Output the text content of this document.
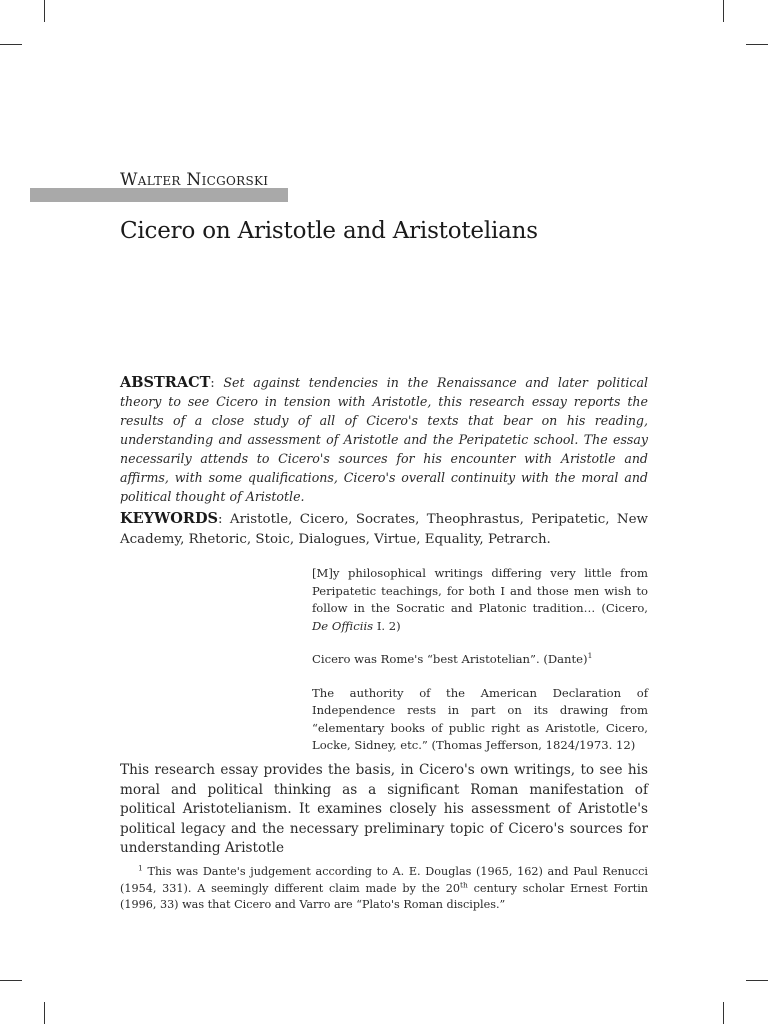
Walter Nicgorski
Cicero on Aristotle and Aristotelians

ABSTRACT: Set against tendencies in the Renaissance and later political theory to see Cicero in tension with Aristotle, this research essay reports the results of a close study of all of Cicero's texts that bear on his reading, understanding and assessment of Aristotle and the Peripatetic school. The essay necessarily attends to Cicero's sources for his encounter with Aristotle and affirms, with some qualifications, Cicero's overall continuity with the moral and political thought of Aristotle.

KEYWORDS: Aristotle, Cicero, Socrates, Theophrastus, Peripatetic, New Academy, Rhetoric, Stoic, Dialogues, Virtue, Equality, Petrarch.

[M]y philosophical writings differing very little from Peripatetic teachings, for both I and those men wish to follow in the Socratic and Platonic tradition… (Cicero, De Officiis I. 2)

Cicero was Rome's “best Aristotelian”. (Dante)$^1$

The authority of the American Declaration of Independence rests in part on its drawing from “elementary books of public right as Aristotle, Cicero, Locke, Sidney, etc.” (Thomas Jefferson, 1824/1973. 12)

This research essay provides the basis, in Cicero's own writings, to see his moral and political thinking as a significant Roman manifestation of political Aristotelianism. It examines closely his assessment of Aristotle's political legacy and the necessary preliminary topic of Cicero's sources for understanding Aristotle

$^1$ This was Dante's judgement according to A. E. Douglas (1965, 162) and Paul Renucci (1954, 331). A seemingly different claim made by the 20th century scholar Ernest Fortin (1996, 33) was that Cicero and Varro are “Plato's Roman disciples.”
